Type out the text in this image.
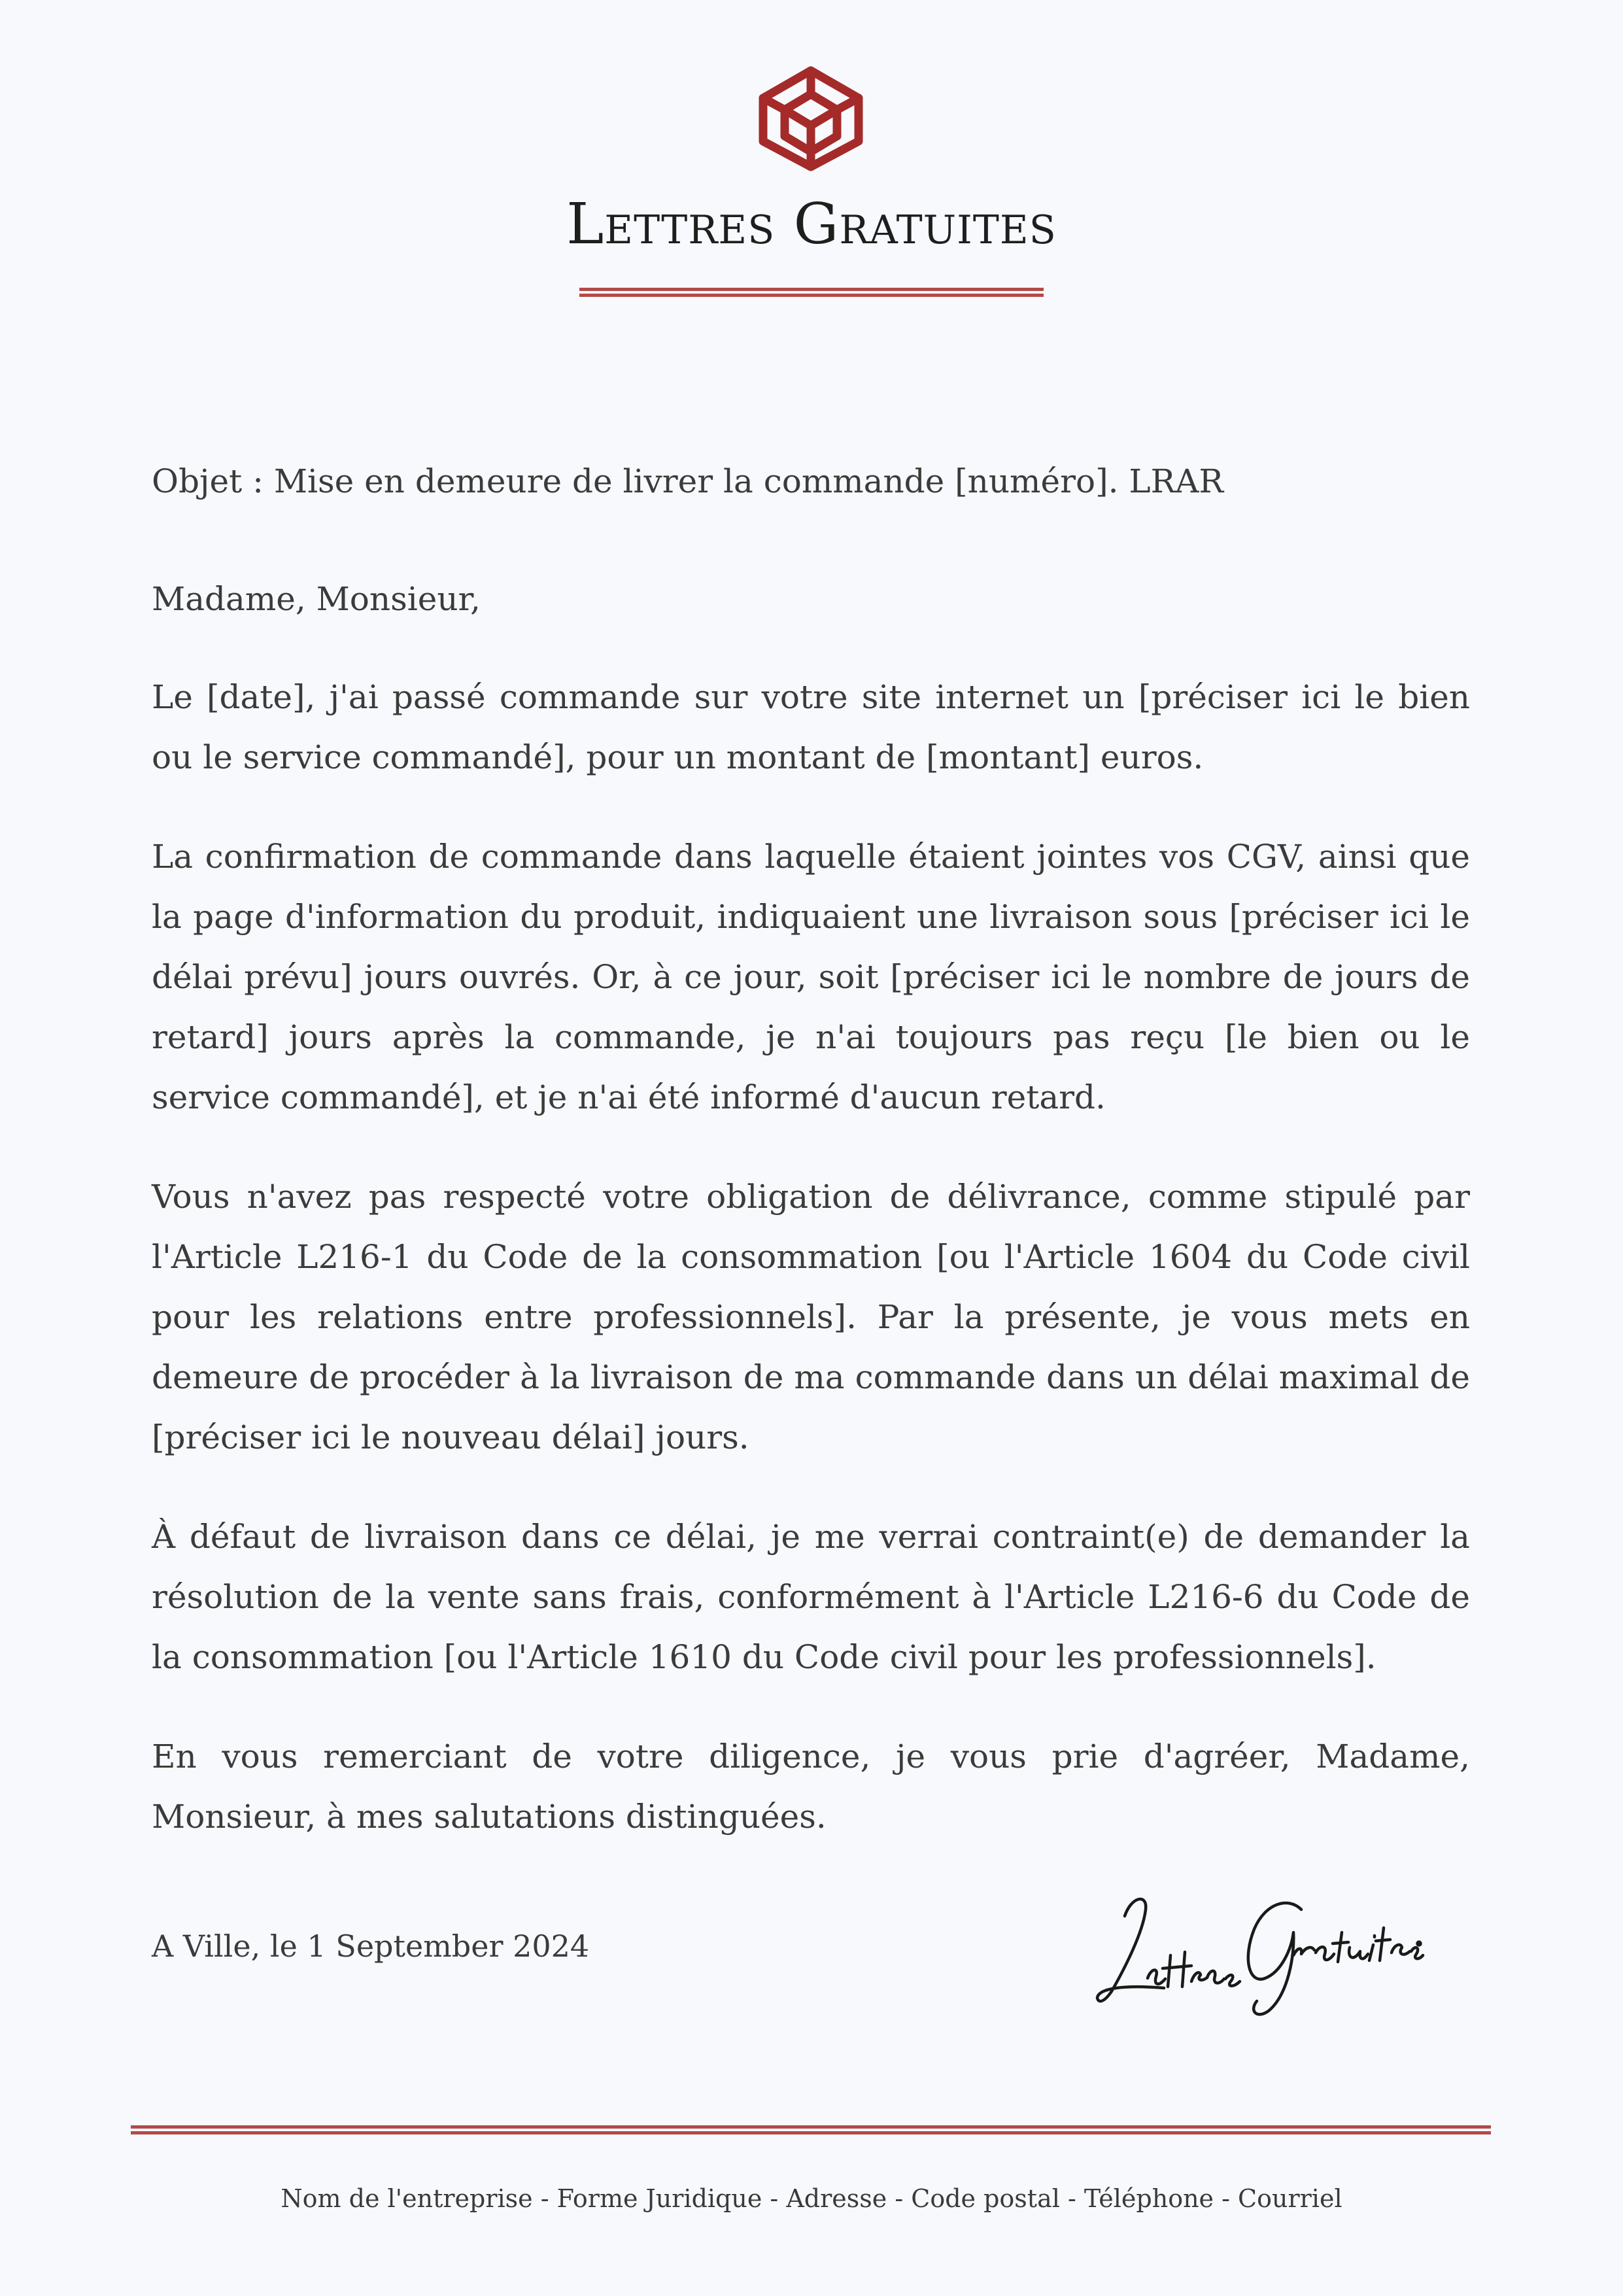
Lettres Gratuites
Objet : Mise en demeure de livrer la commande [numéro]. LRAR
Madame, Monsieur,

Le [date], j'ai passé commande sur votre site internet un [préciser ici le bien ou le service commandé], pour un montant de [montant] euros.

La confirmation de commande dans laquelle étaient jointes vos CGV, ainsi que la page d'information du produit, indiquaient une livraison sous [préciser ici le délai prévu] jours ouvrés. Or, à ce jour, soit [préciser ici le nombre de jours de retard] jours après la commande, je n'ai toujours pas reçu [le bien ou le service commandé], et je n'ai été informé d'aucun retard.

Vous n'avez pas respecté votre obligation de délivrance, comme stipulé par l'Article L216-1 du Code de la consommation [ou l'Article 1604 du Code civil pour les relations entre professionnels]. Par la présente, je vous mets en demeure de procéder à la livraison de ma commande dans un délai maximal de [préciser ici le nouveau délai] jours.

À défaut de livraison dans ce délai, je me verrai contraint(e) de demander la résolution de la vente sans frais, conformément à l'Article L216-6 du Code de la consommation [ou l'Article 1610 du Code civil pour les professionnels].

En vous remerciant de votre diligence, je vous prie d'agréer, Madame, Monsieur, à mes salutations distinguées.

A Ville, le 1 September 2024
Nom de l'entreprise - Forme Juridique - Adresse - Code postal - Téléphone - Courriel
